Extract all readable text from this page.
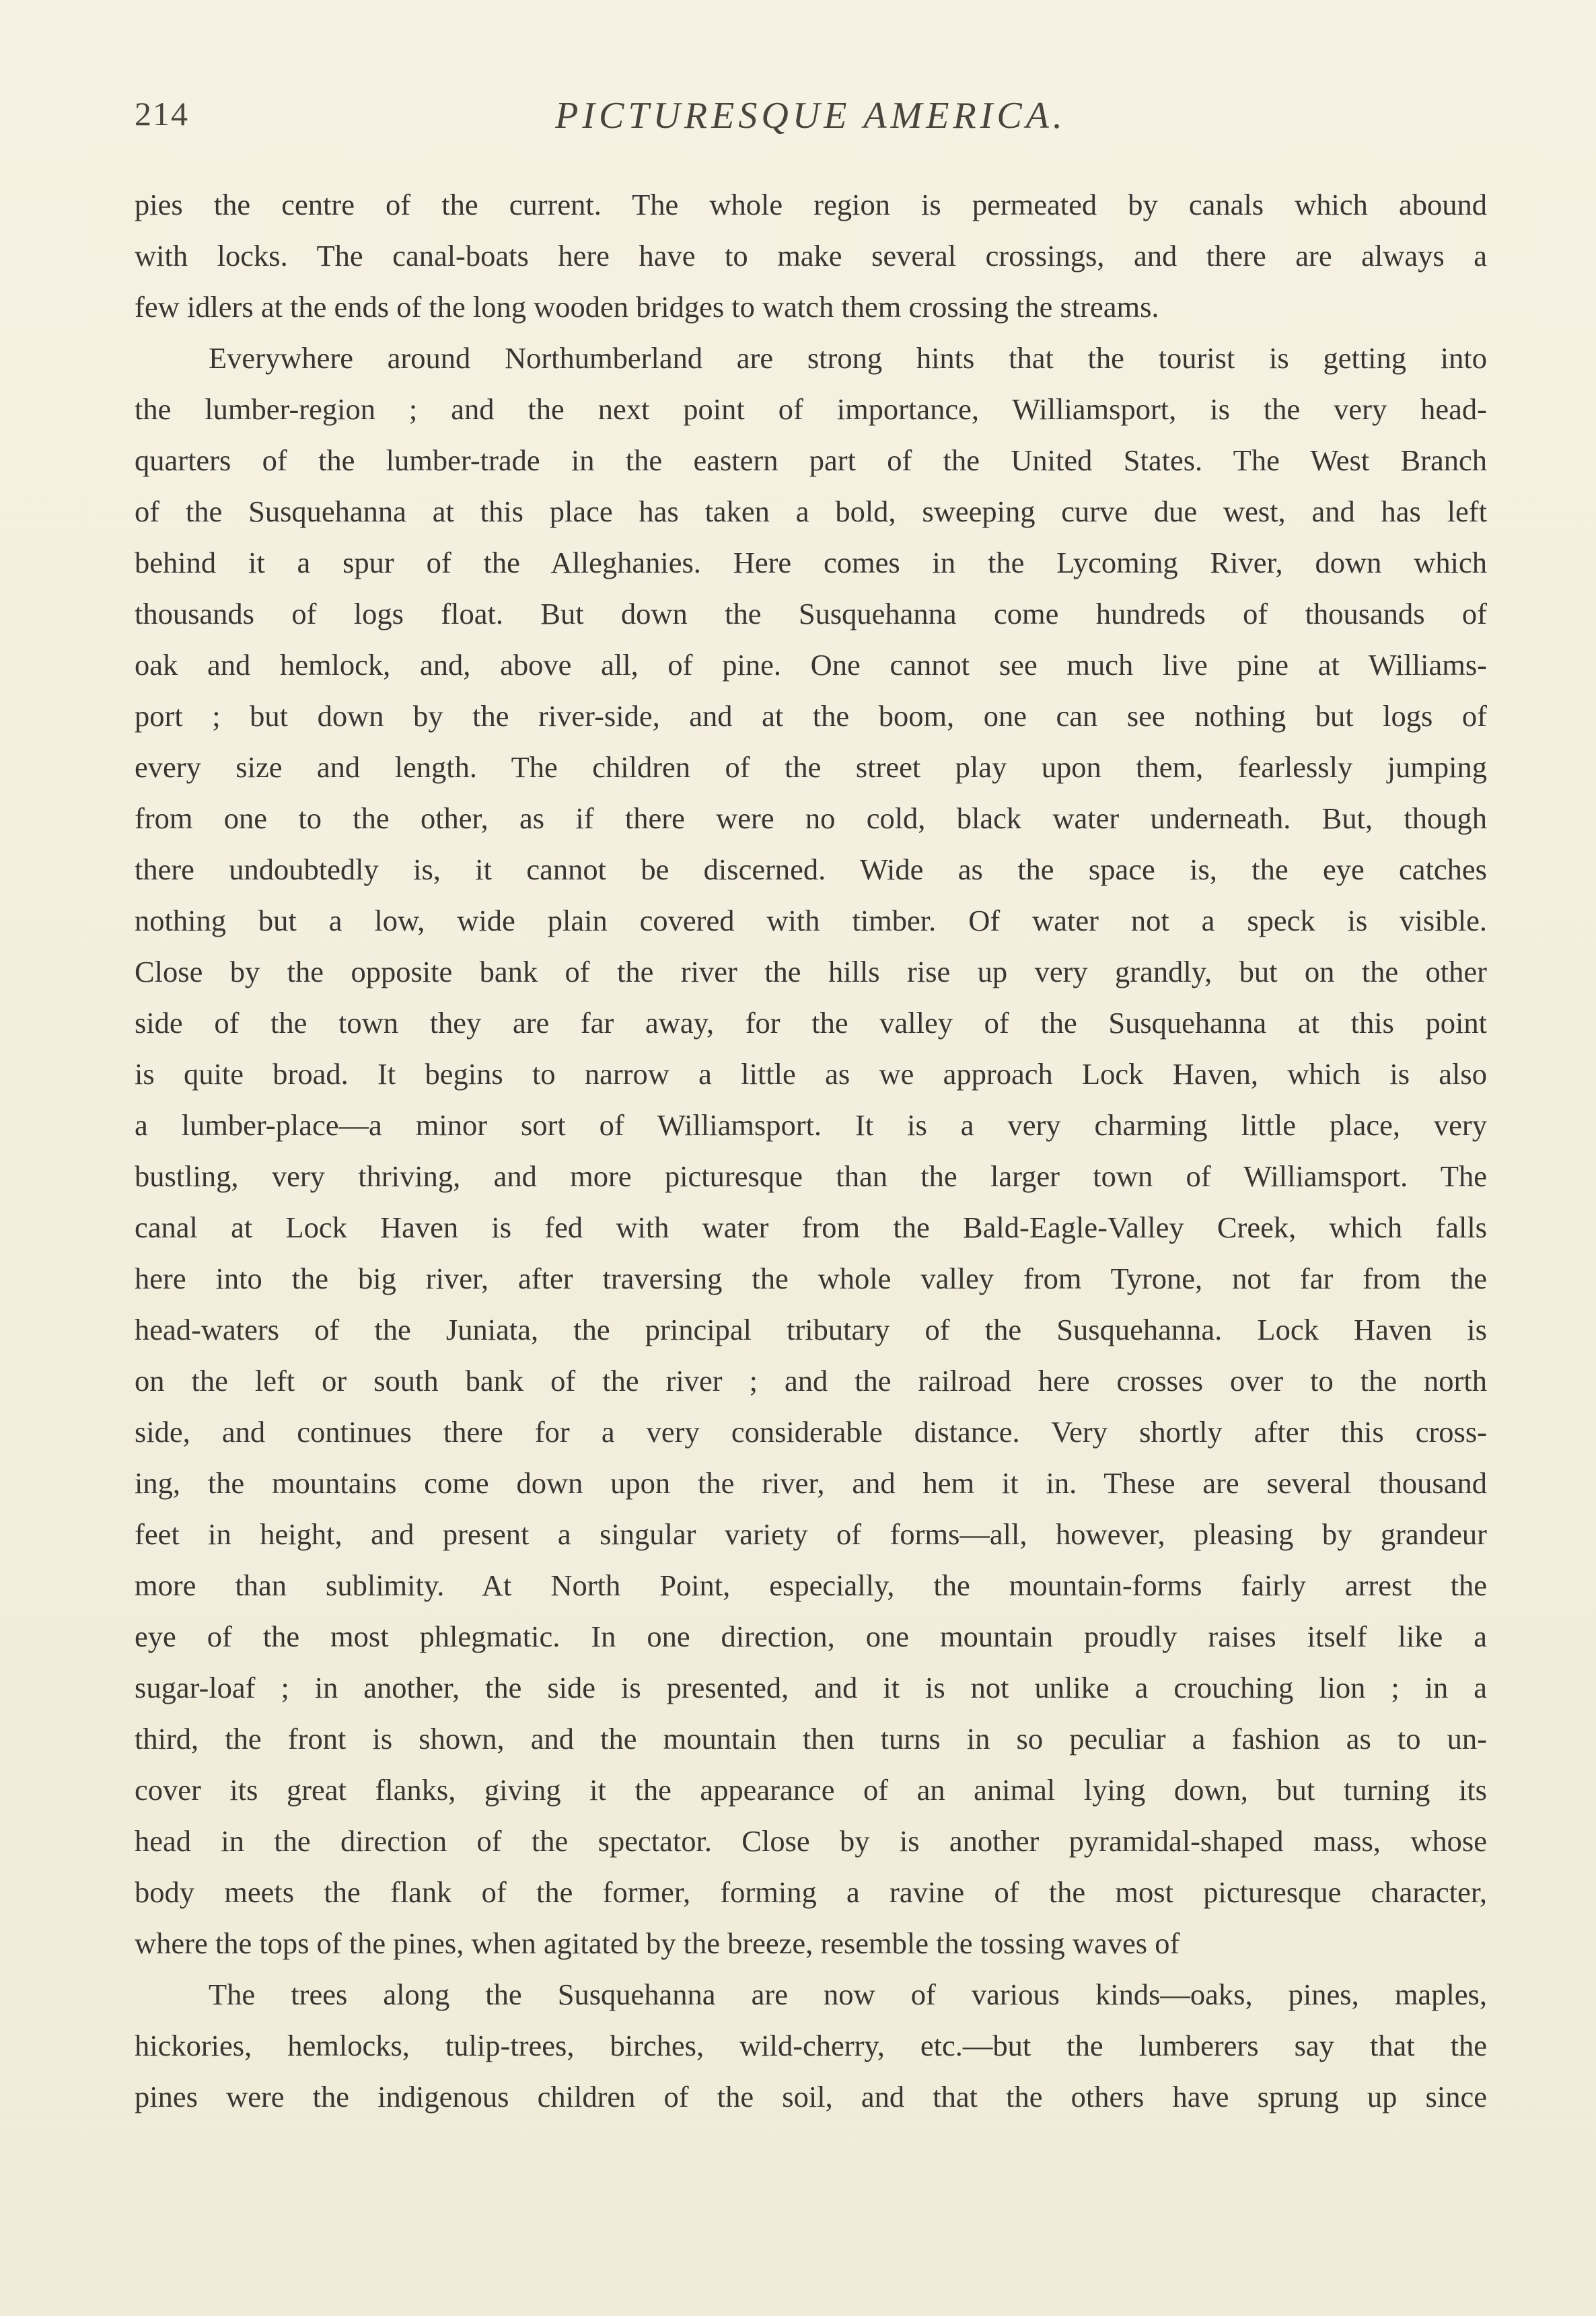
214	PICTURESQUE AMERICA.
pies the centre of the current. The whole region is permeated by canals which abound
with locks. The canal-boats here have to make several crossings, and there are always a
few idlers at the ends of the long wooden bridges to watch them crossing the streams.
Everywhere around Northumberland are strong hints that the tourist is getting into
the lumber-region ; and the next point of importance, Williamsport, is the very head-
quarters of the lumber-trade in the eastern part of the United States. The West Branch
of the Susquehanna at this place has taken a bold, sweeping curve due west, and has left
behind it a spur of the Alleghanies. Here comes in the Lycoming River, down which
thousands of logs float. But down the Susquehanna come hundreds of thousands of
oak and hemlock, and, above all, of pine. One cannot see much live pine at Williams-
port ; but down by the river-side, and at the boom, one can see nothing but logs of
every size and length. The children of the street play upon them, fearlessly jumping
from one to the other, as if there were no cold, black water underneath. But, though
there undoubtedly is, it cannot be discerned. Wide as the space is, the eye catches
nothing but a low, wide plain covered with timber. Of water not a speck is visible.
Close by the opposite bank of the river the hills rise up very grandly, but on the other
side of the town they are far away, for the valley of the Susquehanna at this point
is quite broad. It begins to narrow a little as we approach Lock Haven, which is also
a lumber-place—a minor sort of Williamsport. It is a very charming little place, very
bustling, very thriving, and more picturesque than the larger town of Williamsport. The
canal at Lock Haven is fed with water from the Bald-Eagle-Valley Creek, which falls
here into the big river, after traversing the whole valley from Tyrone, not far from the
head-waters of the Juniata, the principal tributary of the Susquehanna. Lock Haven is
on the left or south bank of the river ; and the railroad here crosses over to the north
side, and continues there for a very considerable distance. Very shortly after this cross-
ing, the mountains come down upon the river, and hem it in. These are several thousand
feet in height, and present a singular variety of forms—all, however, pleasing by grandeur
more than sublimity. At North Point, especially, the mountain-forms fairly arrest the
eye of the most phlegmatic. In one direction, one mountain proudly raises itself like a
sugar-loaf ; in another, the side is presented, and it is not unlike a crouching lion ; in a
third, the front is shown, and the mountain then turns in so peculiar a fashion as to un-
cover its great flanks, giving it the appearance of an animal lying down, but turning its
head in the direction of the spectator. Close by is another pyramidal-shaped mass, whose
body meets the flank of the former, forming a ravine of the most picturesque character,
where the tops of the pines, when agitated by the breeze, resemble the tossing waves of
The trees along the Susquehanna are now of various kinds—oaks, pines, maples,
hickories, hemlocks, tulip-trees, birches, wild-cherry, etc.—but the lumberers say that the
pines were the indigenous children of the soil, and that the others have sprung up since
